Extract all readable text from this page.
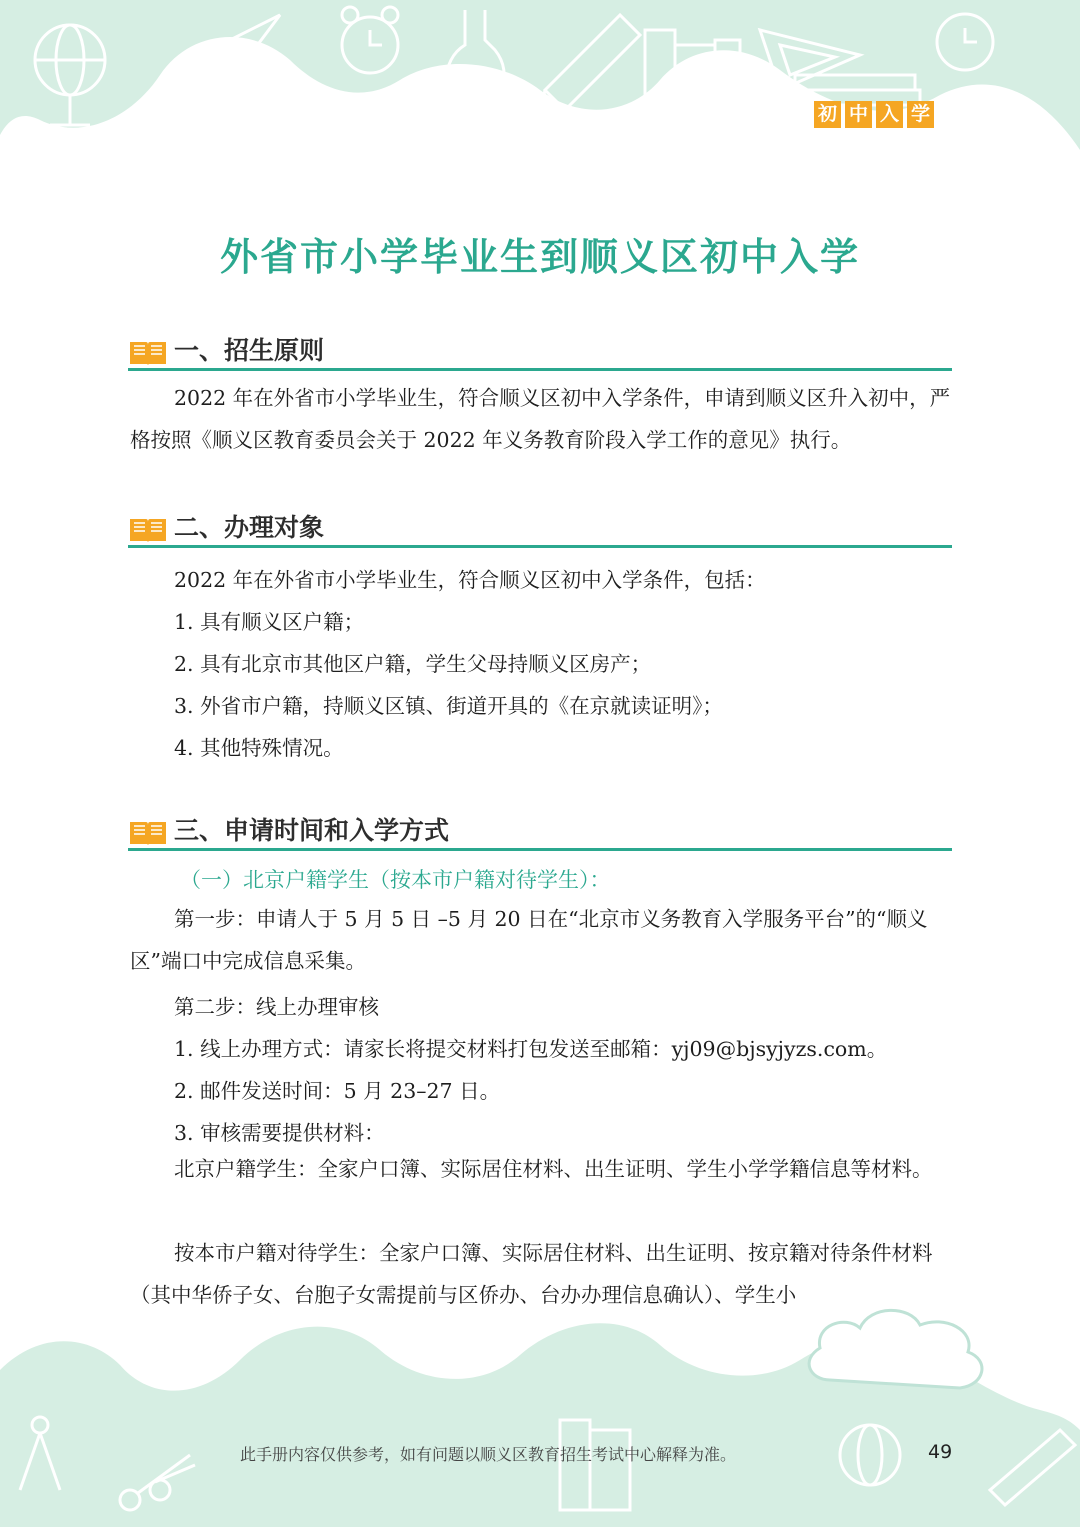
初 中 入 学
外省市小学毕业生到顺义区初中入学
一、招生原则

2022 年在外省市小学毕业生，符合顺义区初中入学条件，申请到顺义区升入初中，严格按照《顺义区教育委员会关于 2022 年义务教育阶段入学工作的意见》执行。

二、办理对象
2022 年在外省市小学毕业生，符合顺义区初中入学条件，包括：
1. 具有顺义区户籍；
2. 具有北京市其他区户籍，学生父母持顺义区房产；
3. 外省市户籍，持顺义区镇、街道开具的《在京就读证明》；
4. 其他特殊情况。
三、申请时间和入学方式
（一）北京户籍学生（按本市户籍对待学生）：

第一步：申请人于 5 月 5 日 –5 月 20 日在“北京市义务教育入学服务平台”的“顺义区”端口中完成信息采集。

第二步：线上办理审核
1. 线上办理方式：请家长将提交材料打包发送至邮箱：yj09@bjsyjyzs.com。
2. 邮件发送时间：5 月 23–27 日。
3. 审核需要提供材料：

北京户籍学生：全家户口簿、实际居住材料、出生证明、学生小学学籍信息等材料。

按本市户籍对待学生：全家户口簿、实际居住材料、出生证明、按京籍对待条件材料（其中华侨子女、台胞子女需提前与区侨办、台办办理信息确认）、学生小

此手册内容仅供参考，如有问题以顺义区教育招生考试中心解释为准。	49
